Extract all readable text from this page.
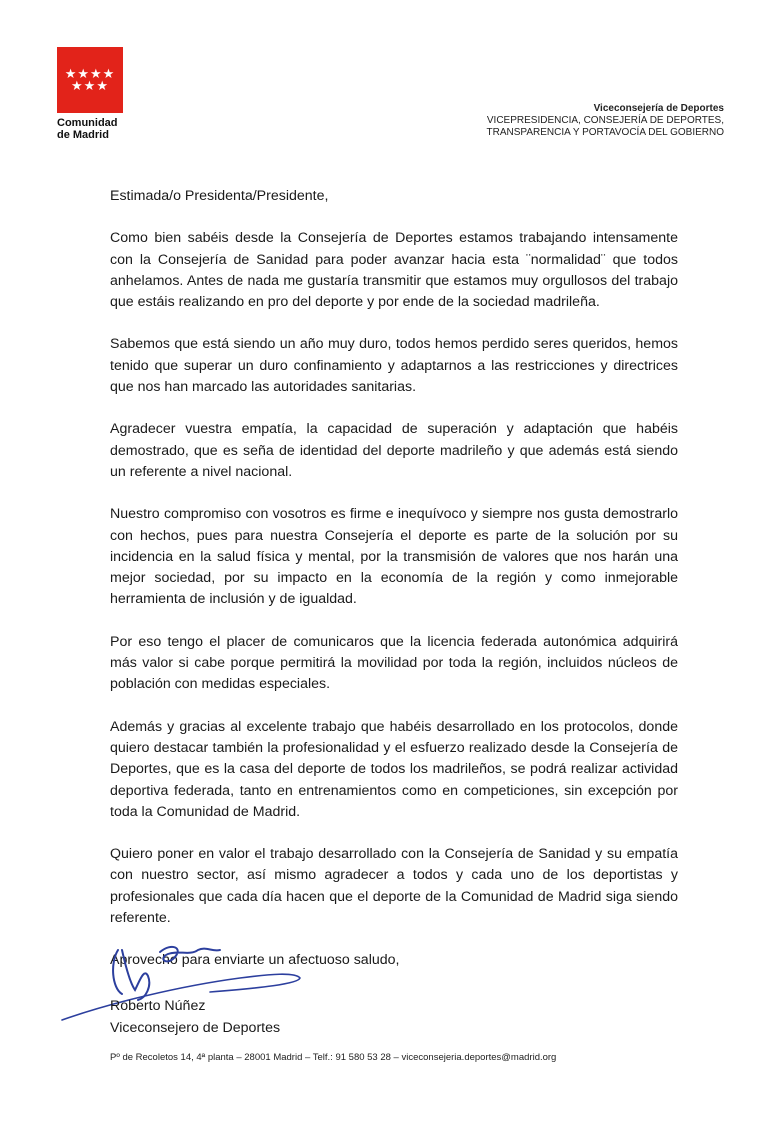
★★★★
★★★
Comunidad
de Madrid
Viceconsejería de Deportes
VICEPRESIDENCIA, CONSEJERÍA DE DEPORTES,
TRANSPARENCIA Y PORTAVOCÍA DEL GOBIERNO

Estimada/o Presidenta/Presidente,

Como bien sabéis desde la Consejería de Deportes estamos trabajando intensamente con la Consejería de Sanidad para poder avanzar hacia esta ¨normalidad¨ que todos anhelamos. Antes de nada me gustaría transmitir que estamos muy orgullosos del trabajo que estáis realizando en pro del deporte y por ende de la sociedad madrileña.

Sabemos que está siendo un año muy duro, todos hemos perdido seres queridos, hemos tenido que superar un duro confinamiento y adaptarnos a las restricciones y directrices que nos han marcado las autoridades sanitarias.

Agradecer vuestra empatía, la capacidad de superación y adaptación que habéis demostrado, que es seña de identidad del deporte madrileño y que además está siendo un referente a nivel nacional.

Nuestro compromiso con vosotros es firme e inequívoco y siempre nos gusta demostrarlo con hechos, pues para nuestra Consejería el deporte es parte de la solución por su incidencia en la salud física y mental, por la transmisión de valores que nos harán una mejor sociedad, por su impacto en la economía de la región y como inmejorable herramienta de inclusión y de igualdad.

Por eso tengo el placer de comunicaros que la licencia federada autonómica adquirirá más valor si cabe porque permitirá la movilidad por toda la región, incluidos núcleos de población con medidas especiales.

Además y gracias al excelente trabajo que habéis desarrollado en los protocolos, donde quiero destacar también la profesionalidad y el esfuerzo realizado desde la Consejería de Deportes, que es la casa del deporte de todos los madrileños, se podrá realizar actividad deportiva federada, tanto en entrenamientos como en competiciones, sin excepción por toda la Comunidad de Madrid.

Quiero poner en valor el trabajo desarrollado con la Consejería de Sanidad y su empatía con nuestro sector, así mismo agradecer a todos y cada uno de los deportistas y profesionales que cada día hacen que el deporte de la Comunidad de Madrid siga siendo referente.

Aprovecho para enviarte un afectuoso saludo,

Roberto Núñez
Viceconsejero de Deportes
Pº de Recoletos 14, 4ª planta – 28001 Madrid – Telf.: 91 580 53 28 – viceconsejeria.deportes@madrid.org
